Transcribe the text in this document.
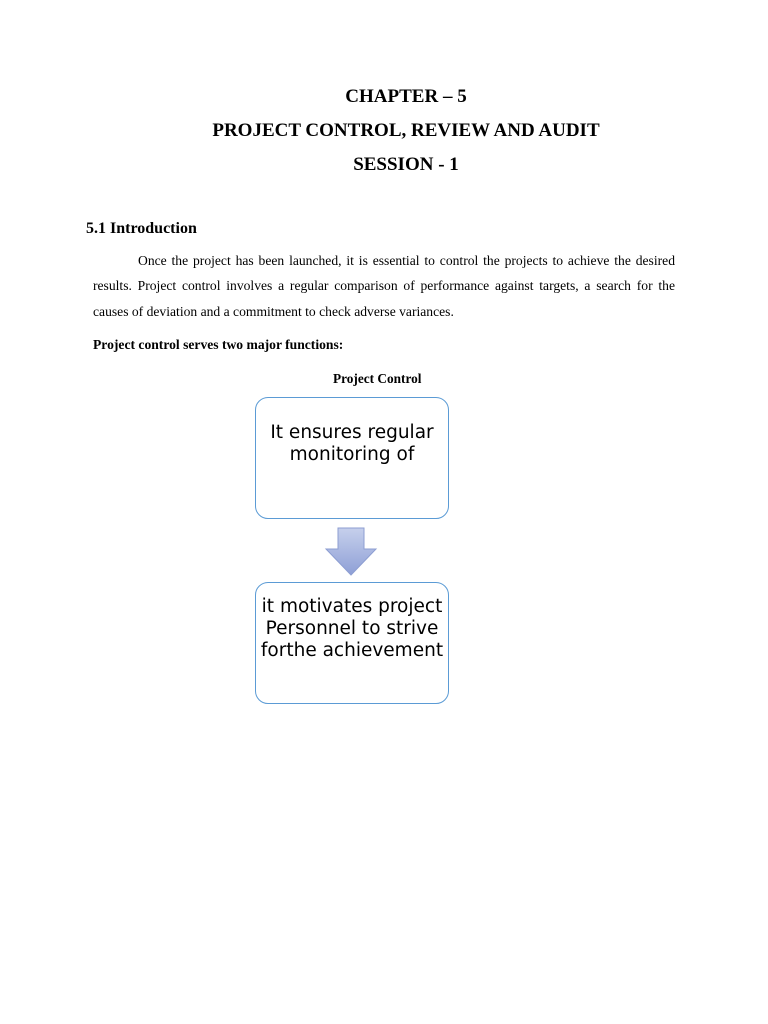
CHAPTER – 5
PROJECT CONTROL, REVIEW AND AUDIT
SESSION - 1
5.1 Introduction

Once the project has been launched, it is essential to control the projects to achieve the desired results. Project control involves a regular comparison of performance against targets, a search for the causes of deviation and a commitment to check adverse variances.

Project control serves two major functions:
Project Control
It ensures regular monitoring of
it motivates project Personnel to strive forthe achievement
